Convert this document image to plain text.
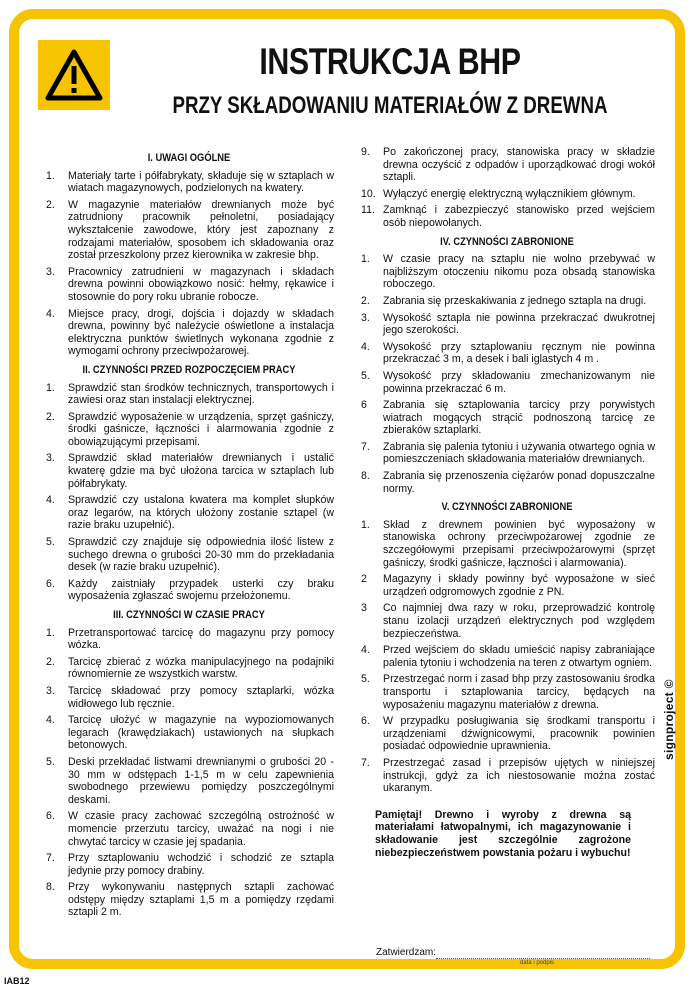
INSTRUKCJA BHP
PRZY SKŁADOWANIU MATERIAŁÓW Z DREWNA
I. UWAGI OGÓLNE
1.	Materiały tarte i półfabrykaty, składuje się w sztaplach w wiatach magazynowych, podzielonych na kwatery.
2.	W magazynie materiałów drewnianych może być zatrudniony pracownik pełnoletni, posiadający wykształcenie zawodowe, który jest zapoznany z rodzajami materiałów, sposobem ich składowania oraz został przeszkolony przez kierownika w zakresie bhp.
3.	Pracownicy zatrudnieni w magazynach i składach drewna powinni obowiązkowo nosić: hełmy, rękawice i stosownie do pory roku ubranie robocze.
4.	Miejsce pracy, drogi, dojścia i dojazdy w składach drewna, powinny być należycie oświetlone a instalacja elektryczna punktów świetlnych wykonana zgodnie z wymogami ochrony przeciwpożarowej.
II. CZYNNOŚCI PRZED ROZPOCZĘCIEM PRACY
1.	Sprawdzić stan środków technicznych, transportowych i zawiesi oraz stan instalacji elektrycznej.
2.	Sprawdzić wyposażenie w urządzenia, sprzęt gaśniczy, środki gaśnicze, łączności i alarmowania zgodnie z obowiązującymi przepisami.
3.	Sprawdzić skład materiałów drewnianych i ustalić kwaterę gdzie ma być ułożona tarcica w sztaplach lub półfabrykaty.
4.	Sprawdzić czy ustalona kwatera ma komplet słupków oraz legarów, na których ułożony zostanie sztapel (w razie braku uzupełnić).
5.	Sprawdzić czy znajduje się odpowiednia ilość listew z suchego drewna o grubości 20-30 mm do przekładania desek (w razie braku uzupełnić).
6.	Każdy zaistniały przypadek usterki czy braku wyposażenia zgłaszać swojemu przełożonemu.
III. CZYNNOŚCI W CZASIE PRACY
1.	Przetransportować tarcicę do magazynu przy pomocy wózka.
2.	Tarcicę zbierać z wózka manipulacyjnego na podajniki równomiernie ze wszystkich warstw.
3.	Tarcicę składować przy pomocy sztaplarki, wózka widłowego lub ręcznie.
4.	Tarcicę ułożyć w magazynie na wypoziomowanych legarach (krawędziakach) ustawionych na słupkach betonowych.
5.	Deski przekładać listwami drewnianymi o grubości 20 - 30 mm w odstępach 1-1,5 m w celu zapewnienia swobodnego przewiewu pomiędzy poszczególnymi deskami.
6.	W czasie pracy zachować szczególną ostrożność w momencie przerzutu tarcicy, uważać na nogi i nie chwytać tarcicy w czasie jej spadania.
7.	Przy sztaplowaniu wchodzić i schodzić ze sztapla jedynie przy pomocy drabiny.
8.	Przy wykonywaniu następnych sztapli zachować odstępy między sztaplami 1,5 m a pomiędzy rzędami sztapli 2 m.
9.	Po zakończonej pracy, stanowiska pracy w składzie drewna oczyścić z odpadów i uporządkować drogi wokół sztapli.
10. Wyłączyć energię elektryczną wyłącznikiem głównym.
11. Zamknąć i zabezpieczyć stanowisko przed wejściem osób niepowołanych.
IV. CZYNNOŚCI ZABRONIONE
1.	W czasie pracy na sztaplu nie wolno przebywać w najbliższym otoczeniu nikomu poza obsadą stanowiska roboczego.
2.	Zabrania się przeskakiwania z jednego sztapla na drugi.
3.	Wysokość sztapla nie powinna przekraczać dwukrotnej jego szerokości.
4.	Wysokość przy sztaplowaniu ręcznym nie powinna przekraczać 3 m, a desek i bali iglastych 4 m .
5.	Wysokość przy składowaniu zmechanizowanym nie powinna przekraczać 6 m.
6	Zabrania się sztaplowania tarcicy przy porywistych wiatrach mogących strącić podnoszoną tarcicę ze zbieraków sztaplarki.
7.	Zabrania się palenia tytoniu i używania otwartego ognia w pomieszczeniach składowania materiałów drewnianych.
8.	Zabrania się przenoszenia ciężarów ponad dopuszczalne normy.
V. CZYNNOŚCI ZABRONIONE
1.	Skład z drewnem powinien być wyposażony w stanowiska ochrony przeciwpożarowej zgodnie ze szczegółowymi przepisami przeciwpożarowymi (sprzęt gaśniczy, środki gaśnicze, łączności i alarmowania).
2	Magazyny i składy powinny być wyposażone w sieć urządzeń odgromowych zgodnie z PN.
3	Co najmniej dwa razy w roku, przeprowadzić kontrolę stanu izolacji urządzeń elektrycznych pod względem bezpieczeństwa.
4.	Przed wejściem do składu umieścić napisy zabraniające palenia tytoniu i wchodzenia na teren z otwartym ogniem.
5.	Przestrzegać norm i zasad bhp przy zastosowaniu środka transportu i sztaplowania tarcicy, będących na wyposażeniu magazynu materiałów z drewna.
6.	W przypadku posługiwania się środkami transportu i urządzeniami dźwignicowymi, pracownik powinien posiadać odpowiednie uprawnienia.
7.	Przestrzegać zasad i przepisów ujętych w niniejszej instrukcji, gdyż za ich niestosowanie można zostać ukaranym.
Pamiętaj! Drewno i wyroby z drewna są materiałami łatwopalnymi, ich magazynowanie i składowanie jest szczególnie zagrożone niebezpieczeństwem powstania pożaru i wybuchu!
signproject ©
Zatwierdzam:
data i podpis
IAB12
